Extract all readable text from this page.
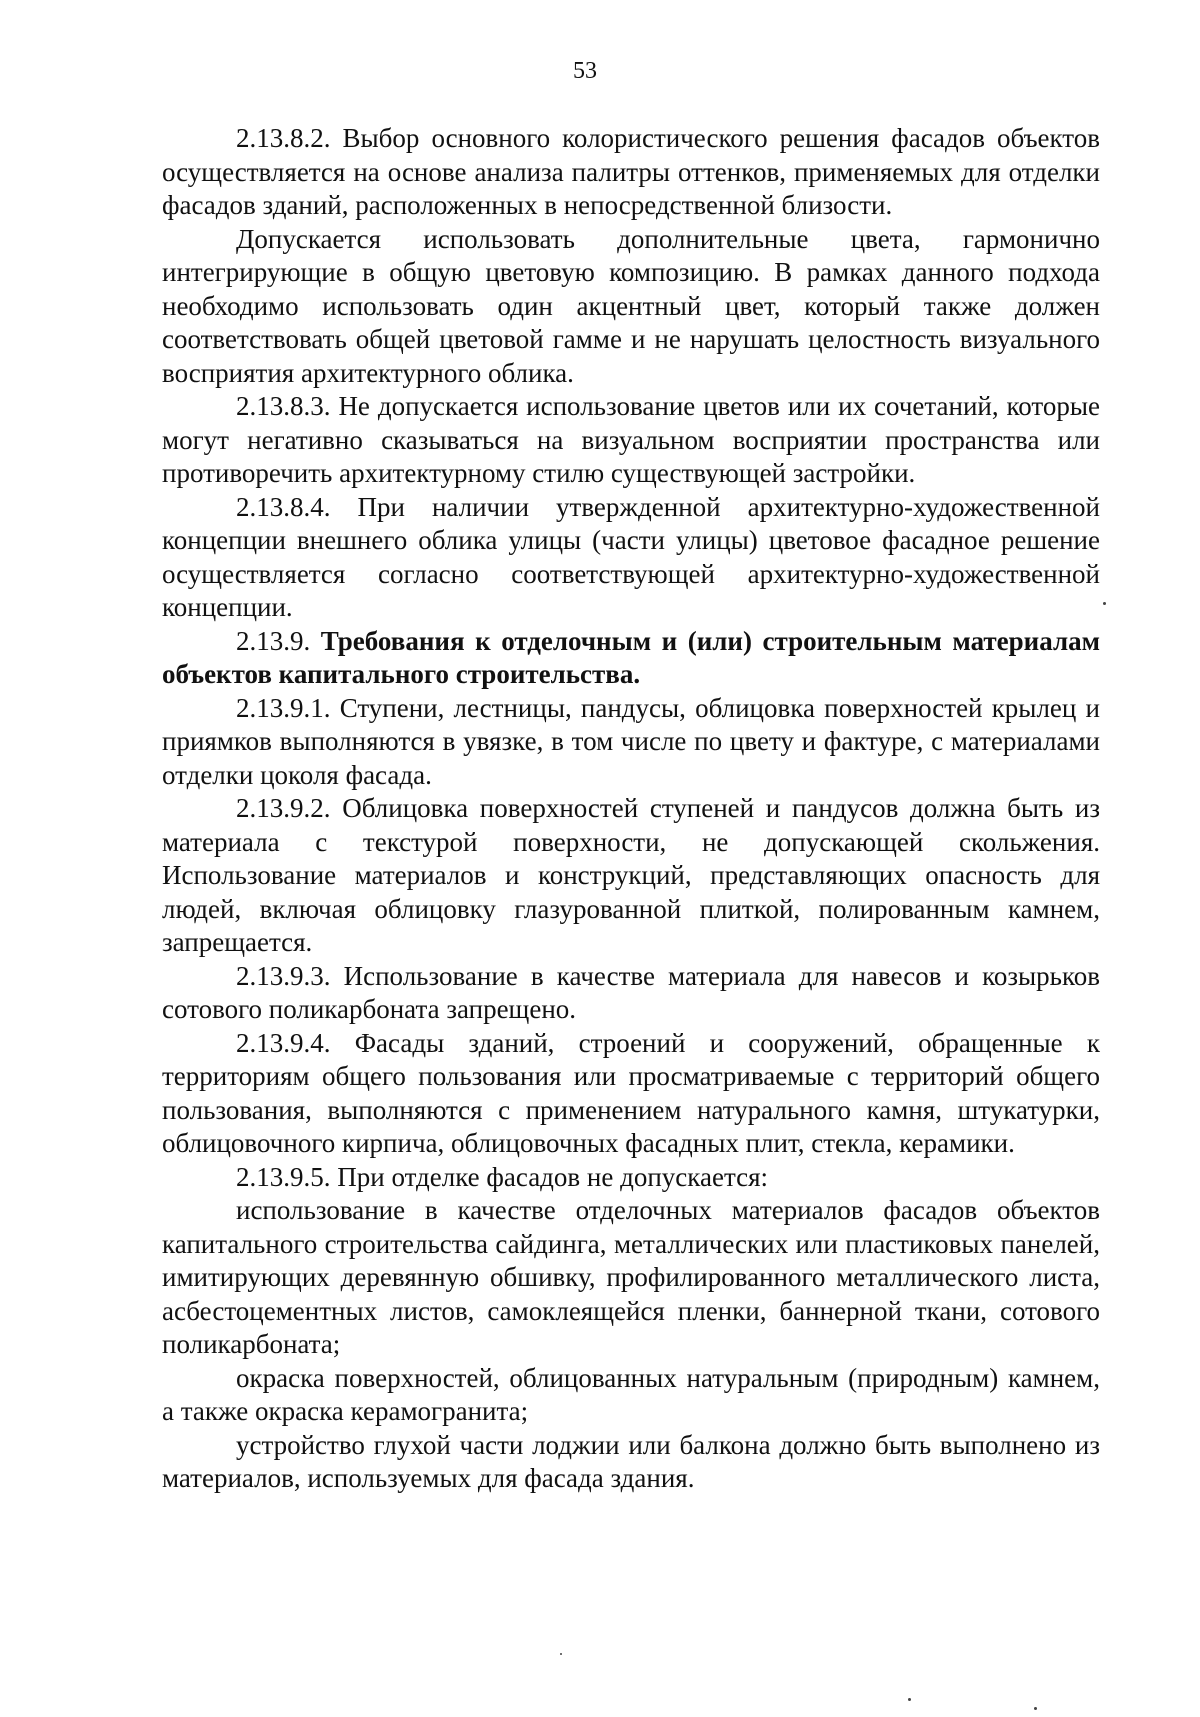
53

2.13.8.2. Выбор основного колористического решения фасадов объектов осуществляется на основе анализа палитры оттенков, применяемых для отделки фасадов зданий, расположенных в непосредственной близости.

Допускается использовать дополнительные цвета, гармонично интегрирующие в общую цветовую композицию. В рамках данного подхода необходимо использовать один акцентный цвет, который также должен соответствовать общей цветовой гамме и не нарушать целостность визуального восприятия архитектурного облика.

2.13.8.3. Не допускается использование цветов или их сочетаний, которые могут негативно сказываться на визуальном восприятии пространства или противоречить архитектурному стилю существующей застройки.

2.13.8.4. При наличии утвержденной архитектурно-художественной концепции внешнего облика улицы (части улицы) цветовое фасадное решение осуществляется согласно соответствующей архитектурно-художественной концепции.

2.13.9. Требования к отделочным и (или) строительным материалам объектов капитального строительства.

2.13.9.1. Ступени, лестницы, пандусы, облицовка поверхностей крылец и приямков выполняются в увязке, в том числе по цвету и фактуре, с материалами отделки цоколя фасада.

2.13.9.2. Облицовка поверхностей ступеней и пандусов должна быть из материала с текстурой поверхности, не допускающей скольжения. Использование материалов и конструкций, представляющих опасность для людей, включая облицовку глазурованной плиткой, полированным камнем, запрещается.

2.13.9.3. Использование в качестве материала для навесов и козырьков сотового поликарбоната запрещено.

2.13.9.4. Фасады зданий, строений и сооружений, обращенные к территориям общего пользования или просматриваемые с территорий общего пользования, выполняются с применением натурального камня, штукатурки, облицовочного кирпича, облицовочных фасадных плит, стекла, керамики.

2.13.9.5. При отделке фасадов не допускается:

использование в качестве отделочных материалов фасадов объектов капитального строительства сайдинга, металлических или пластиковых панелей, имитирующих деревянную обшивку, профилированного металлического листа, асбестоцементных листов, самоклеящейся пленки, баннерной ткани, сотового поликарбоната;

окраска поверхностей, облицованных натуральным (природным) камнем, а также окраска керамогранита;

устройство глухой части лоджии или балкона должно быть выполнено из материалов, используемых для фасада здания.
